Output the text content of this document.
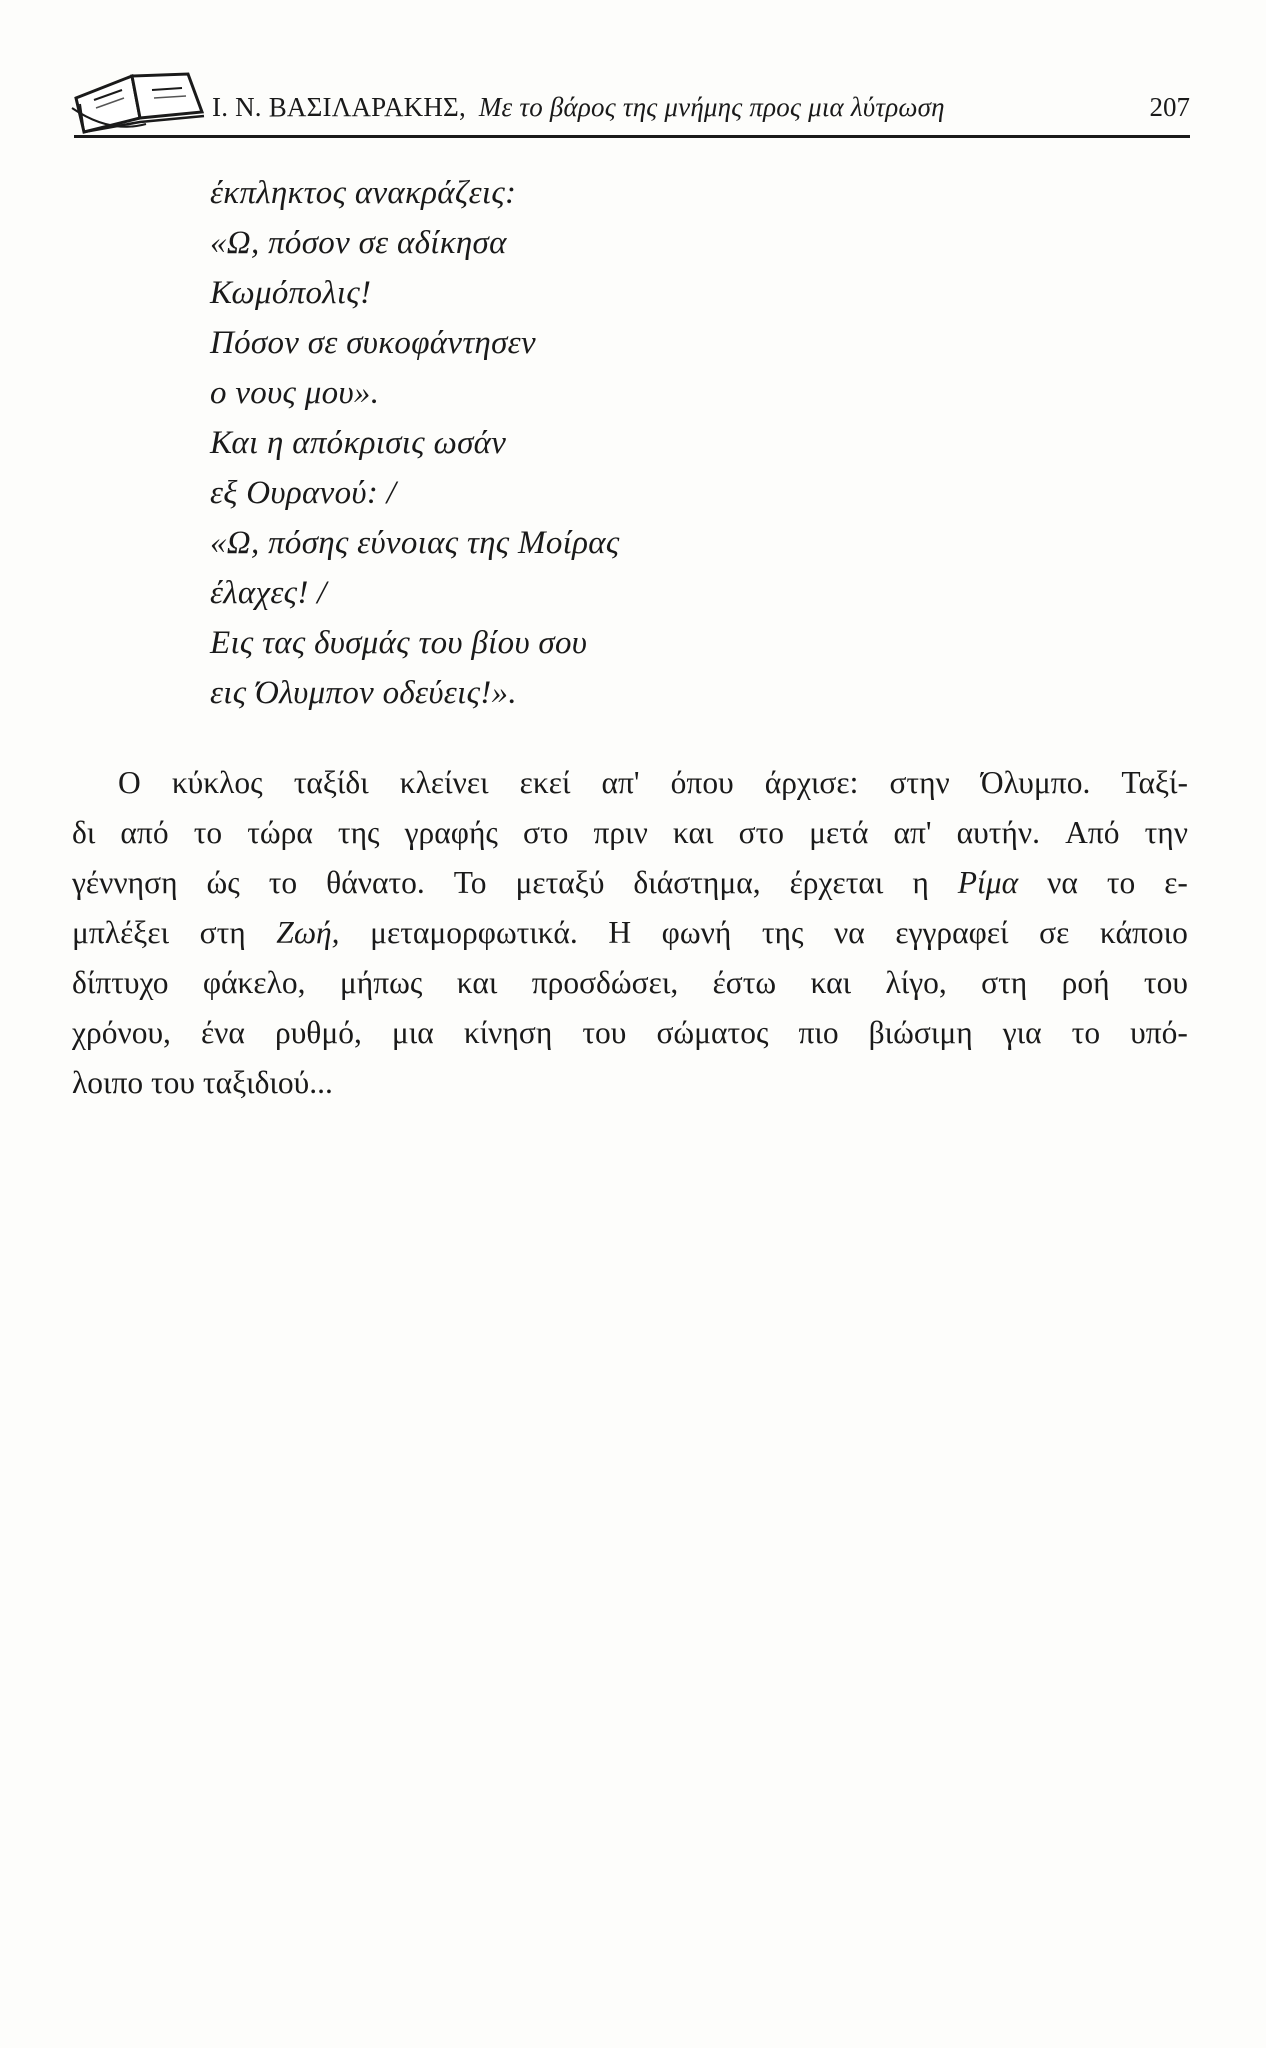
Ι. Ν. ΒΑΣΙΛΑΡΑΚΗΣ, Με το βάρος της μνήμης προς μια λύτρωση	207
έκπληκτος ανακράζεις:
«Ω, πόσον σε αδίκησα
Κωμόπολις!
Πόσον σε συκοφάντησεν
ο νους μου».
Και η απόκρισις ωσάν
εξ Ουρανού: /
«Ω, πόσης εύνοιας της Μοίρας
έλαχες! /
Εις τας δυσμάς του βίου σου
εις Όλυμπον οδεύεις!».
Ο κύκλος ταξίδι κλείνει εκεί απ' όπου άρχισε: στην Όλυμπο. Ταξί-
δι από το τώρα της γραφής στο πριν και στο μετά απ' αυτήν. Από την
γέννηση ώς το θάνατο. Το μεταξύ διάστημα, έρχεται η Ρίμα να το ε-
μπλέξει στη Ζωή, μεταμορφωτικά. Η φωνή της να εγγραφεί σε κάποιο
δίπτυχο φάκελο, μήπως και προσδώσει, έστω και λίγο, στη ροή του
χρόνου, ένα ρυθμό, μια κίνηση του σώματος πιο βιώσιμη για το υπό-
λοιπο του ταξιδιού...
